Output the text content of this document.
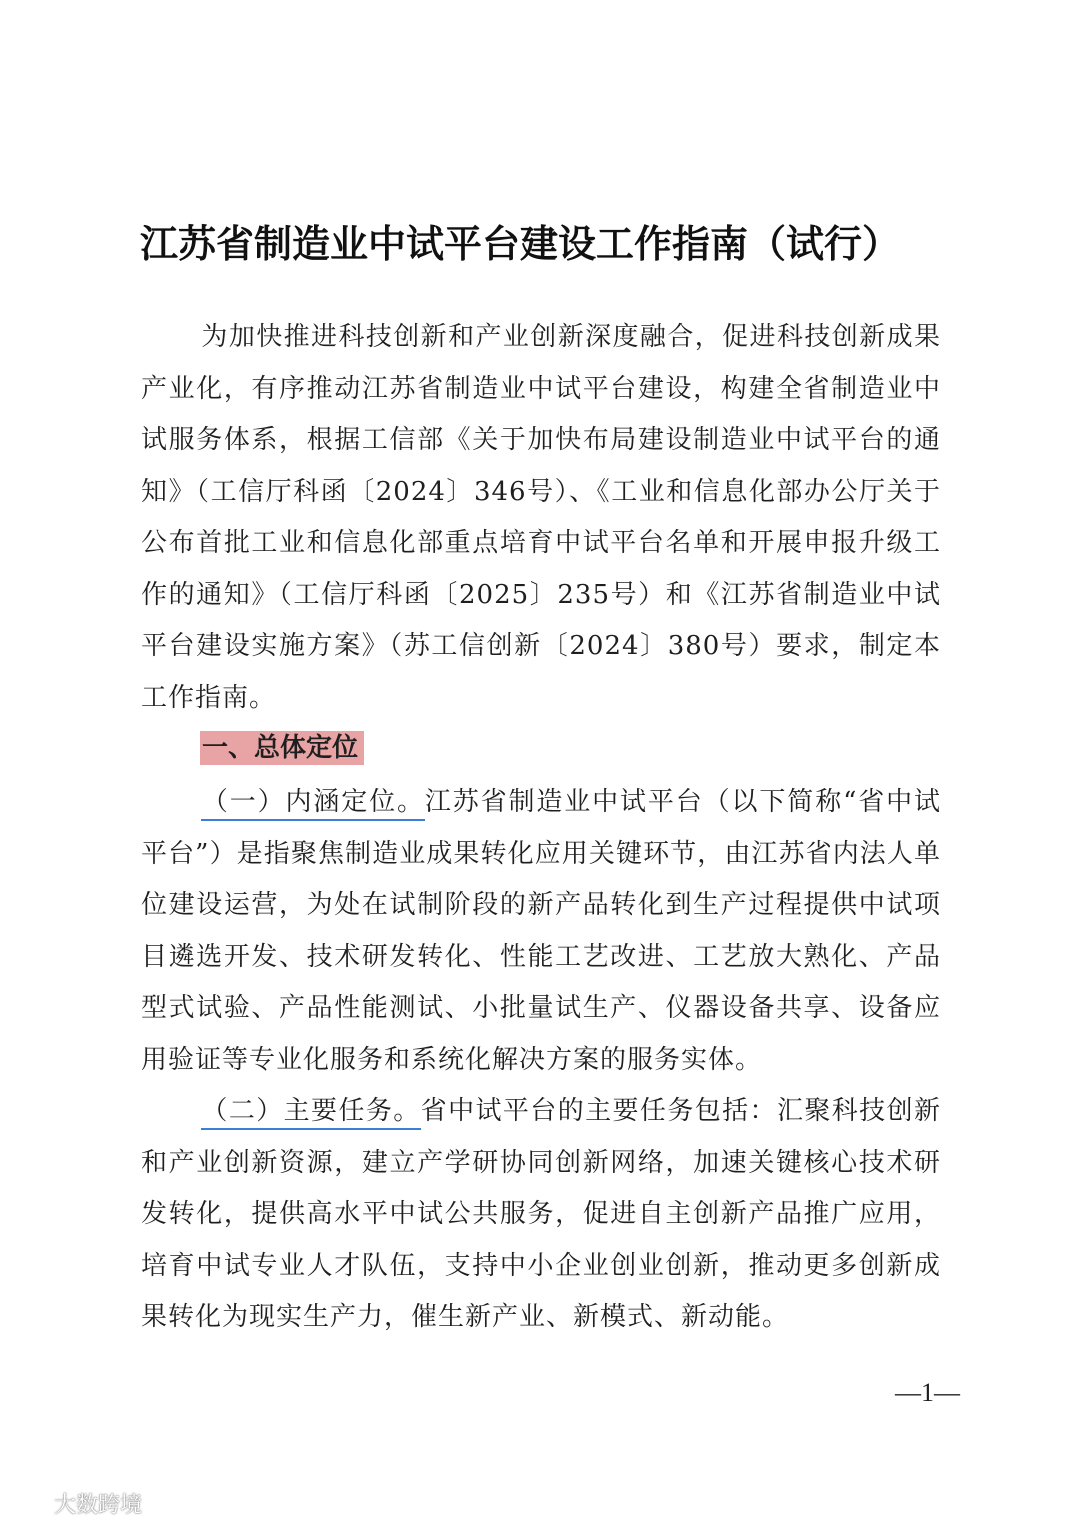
江苏省制造业中试平台建设工作指南（试行）
为加快推进科技创新和产业创新深度融合，促进科技创新成果产业化，有序推动江苏省制造业中试平台建设，构建全省制造业中试服务体系，根据工信部《关于加快布局建设制造业中试平台的通知》（工信厅科函〔2024〕346号）、《工业和信息化部办公厅关于公布首批工业和信息化部重点培育中试平台名单和开展申报升级工作的通知》（工信厅科函〔2025〕235号）和《江苏省制造业中试平台建设实施方案》（苏工信创新〔2024〕380号）要求，制定本工作指南。
一、总体定位
（一）内涵定位。江苏省制造业中试平台（以下简称“省中试平台”）是指聚焦制造业成果转化应用关键环节，由江苏省内法人单位建设运营，为处在试制阶段的新产品转化到生产过程提供中试项目遴选开发、技术研发转化、性能工艺改进、工艺放大熟化、产品型式试验、产品性能测试、小批量试生产、仪器设备共享、设备应用验证等专业化服务和系统化解决方案的服务实体。
（二）主要任务。省中试平台的主要任务包括：汇聚科技创新和产业创新资源，建立产学研协同创新网络，加速关键核心技术研发转化，提供高水平中试公共服务，促进自主创新产品推广应用，培育中试专业人才队伍，支持中小企业创业创新，推动更多创新成果转化为现实生产力，催生新产业、新模式、新动能。
—1—
大数跨境
